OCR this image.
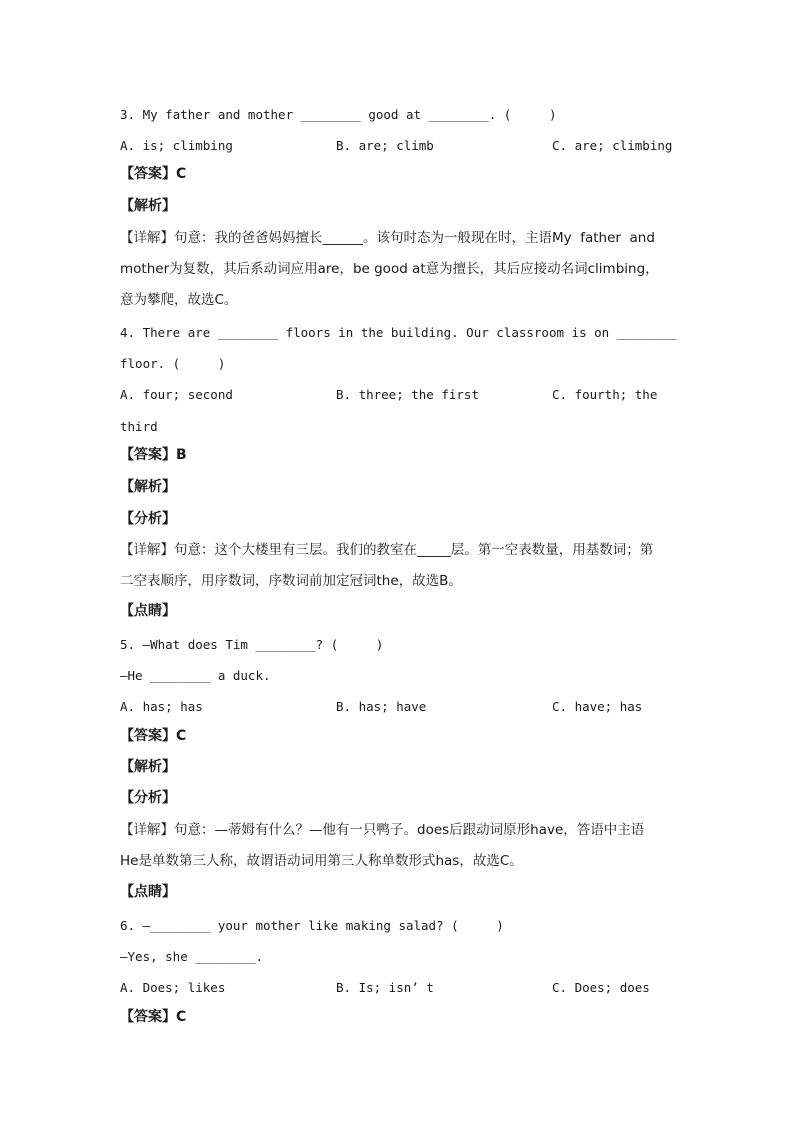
3. My father and mother ________ good at ________. (     )
A. is; climbing	B. are; climb	C. are; climbing
【答案】C
【解析】
【详解】句意：我的爸爸妈妈擅长______。该句时态为一般现在时，主语My  father  and
mother为复数，其后系动词应用are，be good at意为擅长，其后应接动名词climbing，
意为攀爬，故选C。
4. There are ________ floors in the building. Our classroom is on ________
floor. (     )
A. four; second	B. three; the first	C. fourth; the
third
【答案】B
【解析】
【分析】
【详解】句意：这个大楼里有三层。我们的教室在_____层。第一空表数量，用基数词；第
二空表顺序，用序数词，序数词前加定冠词the，故选B。
【点睛】
5. —What does Tim ________? (     )
—He ________ a duck.
A. has; has	B. has; have	C. have; has
【答案】C
【解析】
【分析】
【详解】句意：—蒂姆有什么？—他有一只鸭子。does后跟动词原形have，答语中主语
He是单数第三人称，故谓语动词用第三人称单数形式has，故选C。
【点睛】
6. —________ your mother like making salad? (     )
—Yes, she ________.
A. Does; likes	B. Is; isn’ t	C. Does; does
【答案】C
